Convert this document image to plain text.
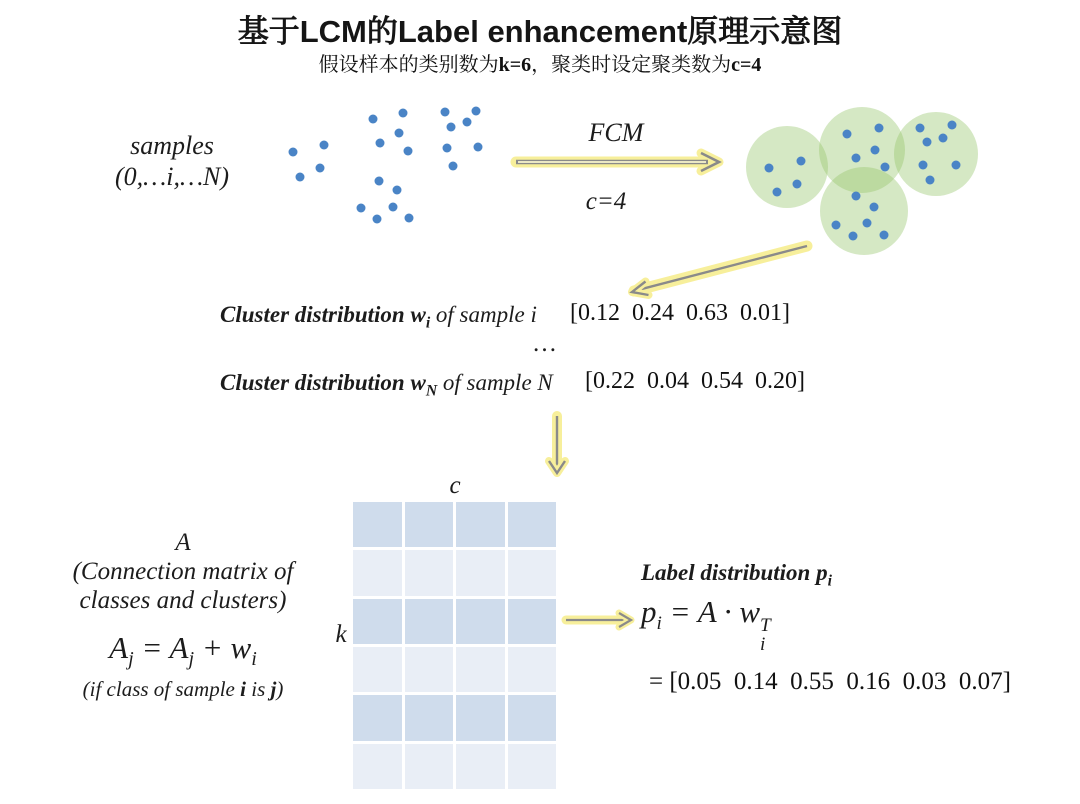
基于LCM的Label enhancement原理示意图
假设样本的类别数为k=6，聚类时设定聚类数为c=4
samples
(0,…i,…N)
FCM
c=4
Cluster distribution $w_i$ of sample i [0.12  0.24  0.63  0.01]
…
Cluster distribution $w_N$ of sample N [0.22  0.04  0.54  0.20]
c
k
A
(Connection matrix of
classes and clusters)
$A_j = A_j + w_i$
(if class of sample i is j)
Label distribution $p_i$
$p_i = A \cdot w$ T
i
= [0.05  0.14  0.55  0.16  0.03  0.07]
